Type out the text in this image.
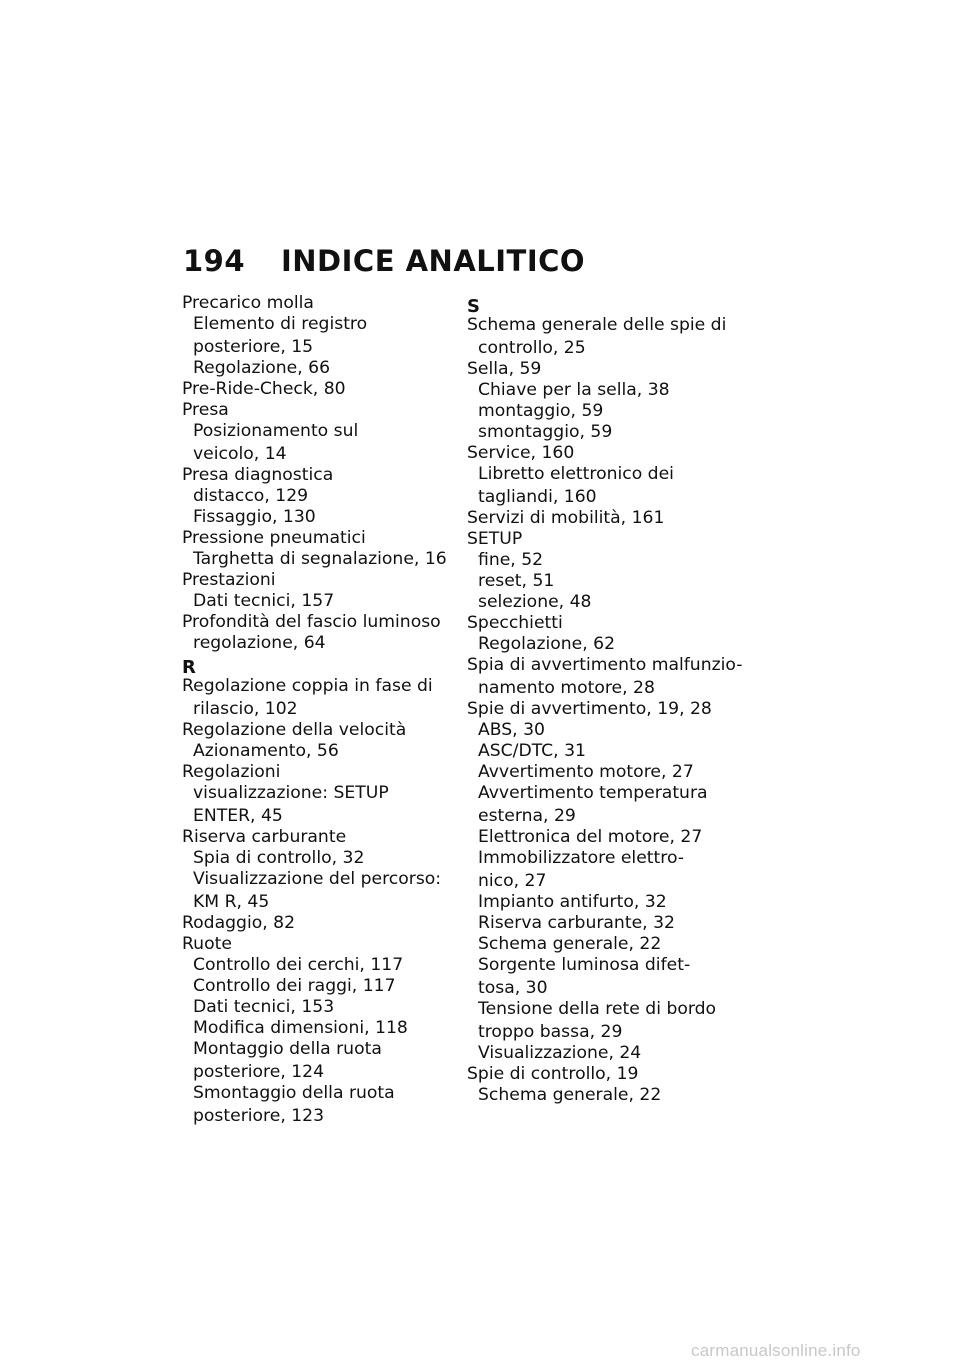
194 INDICE ANALITICO
Precarico molla
Elemento di registro
posteriore, 15
Regolazione, 66
Pre-Ride-Check, 80
Presa
Posizionamento sul
veicolo, 14
Presa diagnostica
distacco, 129
Fissaggio, 130
Pressione pneumatici
Targhetta di segnalazione, 16
Prestazioni
Dati tecnici, 157
Profondità del fascio luminoso
regolazione, 64
R
Regolazione coppia in fase di
rilascio, 102
Regolazione della velocità
Azionamento, 56
Regolazioni
visualizzazione: SETUP
ENTER, 45
Riserva carburante
Spia di controllo, 32
Visualizzazione del percorso:
KM R, 45
Rodaggio, 82
Ruote
Controllo dei cerchi, 117
Controllo dei raggi, 117
Dati tecnici, 153
Modifica dimensioni, 118
Montaggio della ruota
posteriore, 124
Smontaggio della ruota
posteriore, 123
S
Schema generale delle spie di
controllo, 25
Sella, 59
Chiave per la sella, 38
montaggio, 59
smontaggio, 59
Service, 160
Libretto elettronico dei
tagliandi, 160
Servizi di mobilità, 161
SETUP
fine, 52
reset, 51
selezione, 48
Specchietti
Regolazione, 62
Spia di avvertimento malfunzio-
namento motore, 28
Spie di avvertimento, 19, 28
ABS, 30
ASC/DTC, 31
Avvertimento motore, 27
Avvertimento temperatura
esterna, 29
Elettronica del motore, 27
Immobilizzatore elettro-
nico, 27
Impianto antifurto, 32
Riserva carburante, 32
Schema generale, 22
Sorgente luminosa difet-
tosa, 30
Tensione della rete di bordo
troppo bassa, 29
Visualizzazione, 24
Spie di controllo, 19
Schema generale, 22
carmanualsonline.info
